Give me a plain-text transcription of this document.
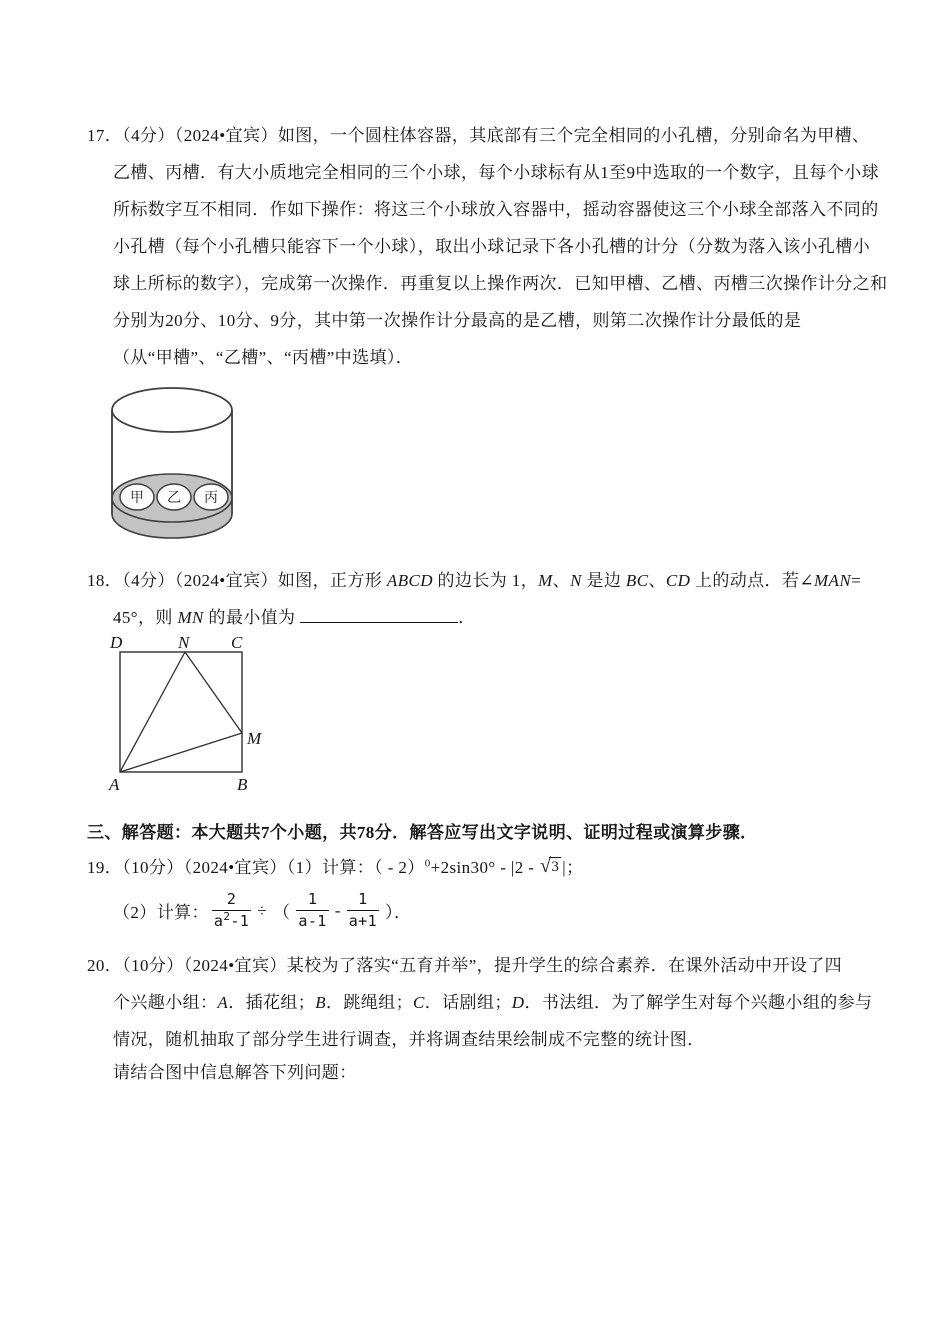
17．（4分）（2024•宜宾）如图，一个圆柱体容器，其底部有三个完全相同的小孔槽，分别命名为甲槽、
乙槽、丙槽．有大小质地完全相同的三个小球，每个小球标有从1至9中选取的一个数字，且每个小球
所标数字互不相同．作如下操作：将这三个小球放入容器中，摇动容器使这三个小球全部落入不同的
小孔槽（每个小孔槽只能容下一个小球），取出小球记录下各小孔槽的计分（分数为落入该小孔槽小
球上所标的数字），完成第一次操作．再重复以上操作两次．已知甲槽、乙槽、丙槽三次操作计分之和
分别为20分、10分、9分，其中第一次操作计分最高的是乙槽，则第二次操作计分最低的是
（从“甲槽”、“乙槽”、“丙槽”中选填）．
甲 乙 丙
18．（4分）（2024•宜宾）如图，正方形 ABCD 的边长为 1，M、N 是边 BC、CD 上的动点．若∠MAN=
45°，则 MN 的最小值为	．
D	N C
A	B
M
三、解答题：本大题共7个小题，共78分．解答应写出文字说明、证明过程或演算步骤．
19．（10分）（2024•宜宾）（1）计算：（ - 2）$^0$+2sin30° - |2 - √ 3 |；
（2）计算： $\frac{2}{a^2-1}$ ÷ （ $\frac{1}{a-1} - \frac{1}{a+1}$ ）．
20．（10分）（2024•宜宾）某校为了落实“五育并举”，提升学生的综合素养．在课外活动中开设了四
个兴趣小组：A．插花组；B．跳绳组；C．话剧组；D．书法组．为了解学生对每个兴趣小组的参与
情况，随机抽取了部分学生进行调查，并将调查结果绘制成不完整的统计图．
请结合图中信息解答下列问题：
